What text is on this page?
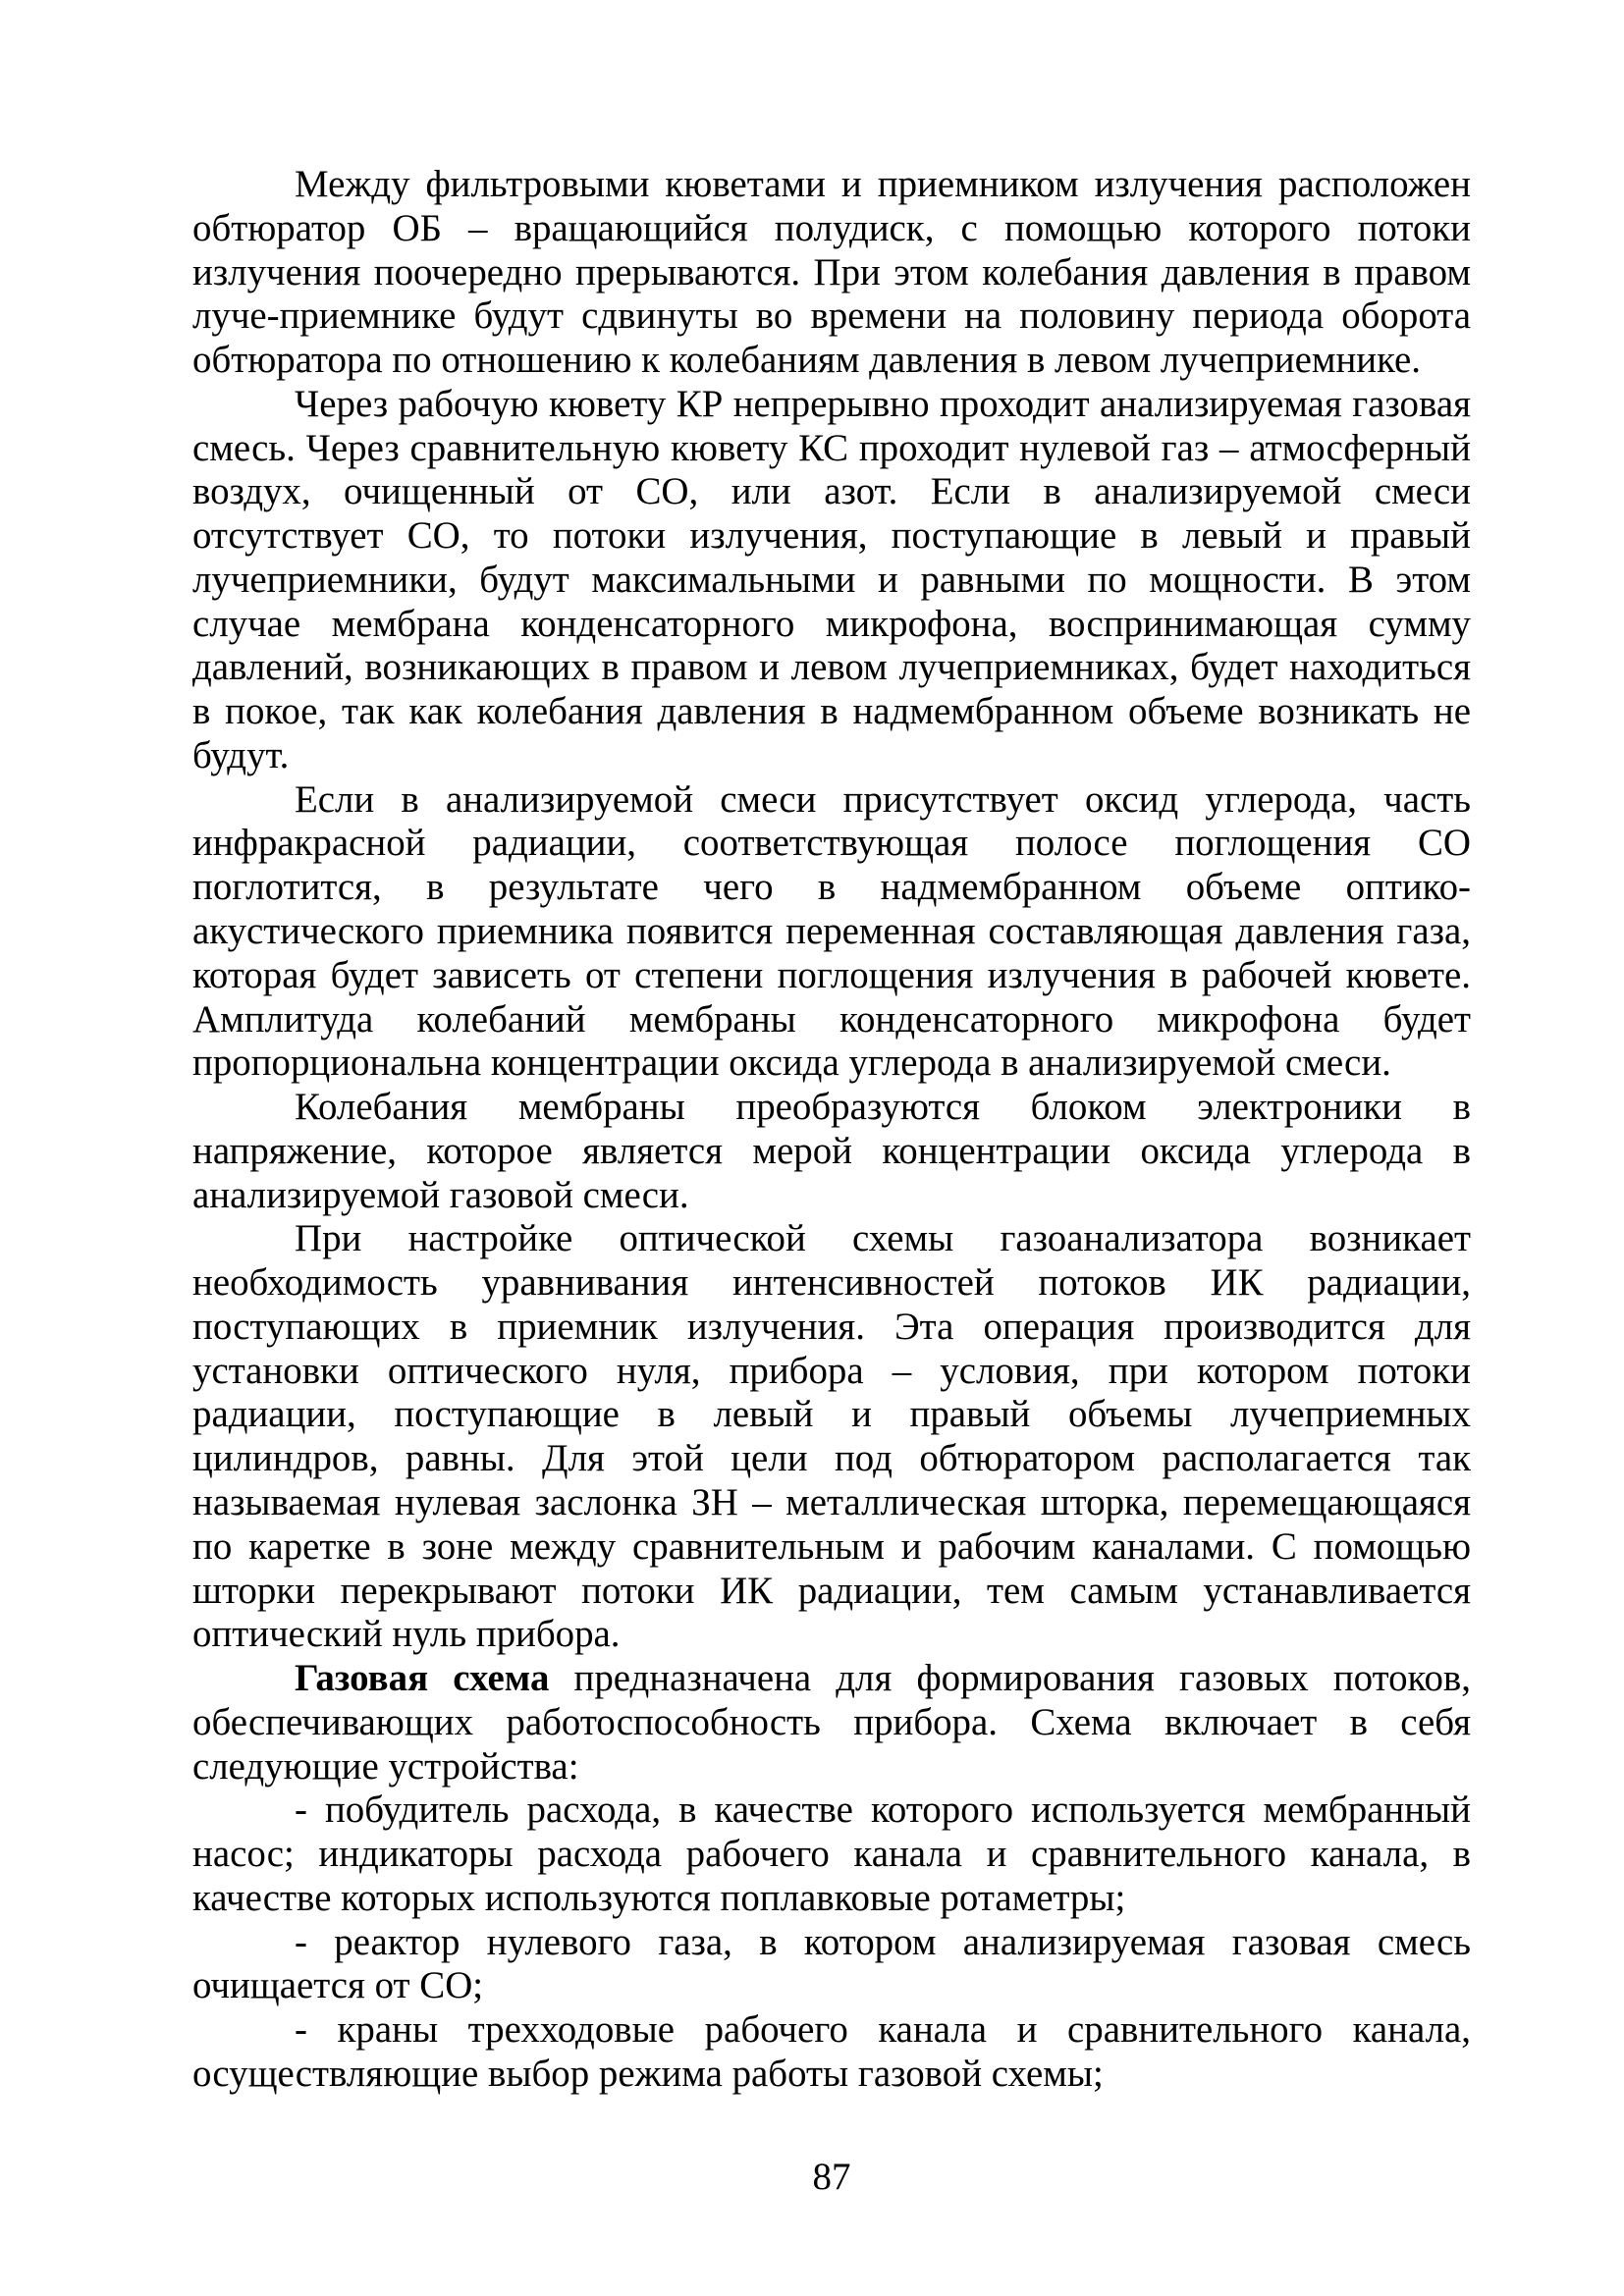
Между фильтровыми кюветами и приемником излучения расположен
обтюратор ОБ – вращающийся полудиск, с помощью которого потоки
излучения поочередно прерываются. При этом колебания давления в правом
луче-приемнике будут сдвинуты во времени на половину периода оборота
обтюратора по отношению к колебаниям давления в левом лучеприемнике.
Через рабочую кювету КР непрерывно проходит анализируемая газовая
смесь. Через сравнительную кювету КС проходит нулевой газ – атмосферный
воздух, очищенный от СО, или азот. Если в анализируемой смеси
отсутствует СО, то потоки излучения, поступающие в левый и правый
лучеприемники, будут максимальными и равными по мощности. В этом
случае мембрана конденсаторного микрофона, воспринимающая сумму
давлений, возникающих в правом и левом лучеприемниках, будет находиться
в покое, так как колебания давления в надмембранном объеме возникать не
будут.
Если в анализируемой смеси присутствует оксид углерода, часть
инфракрасной радиации, соответствующая полосе поглощения СО
поглотится, в результате чего в надмембранном объеме оптико-
акустического приемника появится переменная составляющая давления газа,
которая будет зависеть от степени поглощения излучения в рабочей кювете.
Амплитуда колебаний мембраны конденсаторного микрофона будет
пропорциональна концентрации оксида углерода в анализируемой смеси.
Колебания мембраны преобразуются блоком электроники в
напряжение, которое является мерой концентрации оксида углерода в
анализируемой газовой смеси.
При настройке оптической схемы газоанализатора возникает
необходимость уравнивания интенсивностей потоков ИК радиации,
поступающих в приемник излучения. Эта операция производится для
установки оптического нуля, прибора – условия, при котором потоки
радиации, поступающие в левый и правый объемы лучеприемных
цилиндров, равны. Для этой цели под обтюратором располагается так
называемая нулевая заслонка ЗН – металлическая шторка, перемещающаяся
по каретке в зоне между сравнительным и рабочим каналами. С помощью
шторки перекрывают потоки ИК радиации, тем самым устанавливается
оптический нуль прибора.
Газовая схема предназначена для формирования газовых потоков,
обеспечивающих работоспособность прибора. Схема включает в себя
следующие устройства:
- побудитель расхода, в качестве которого используется мембранный
насос; индикаторы расхода рабочего канала и сравнительного канала, в
качестве которых используются поплавковые ротаметры;
- реактор нулевого газа, в котором анализируемая газовая смесь
очищается от СО;
- краны трехходовые рабочего канала и сравнительного канала,
осуществляющие выбор режима работы газовой схемы;
87
